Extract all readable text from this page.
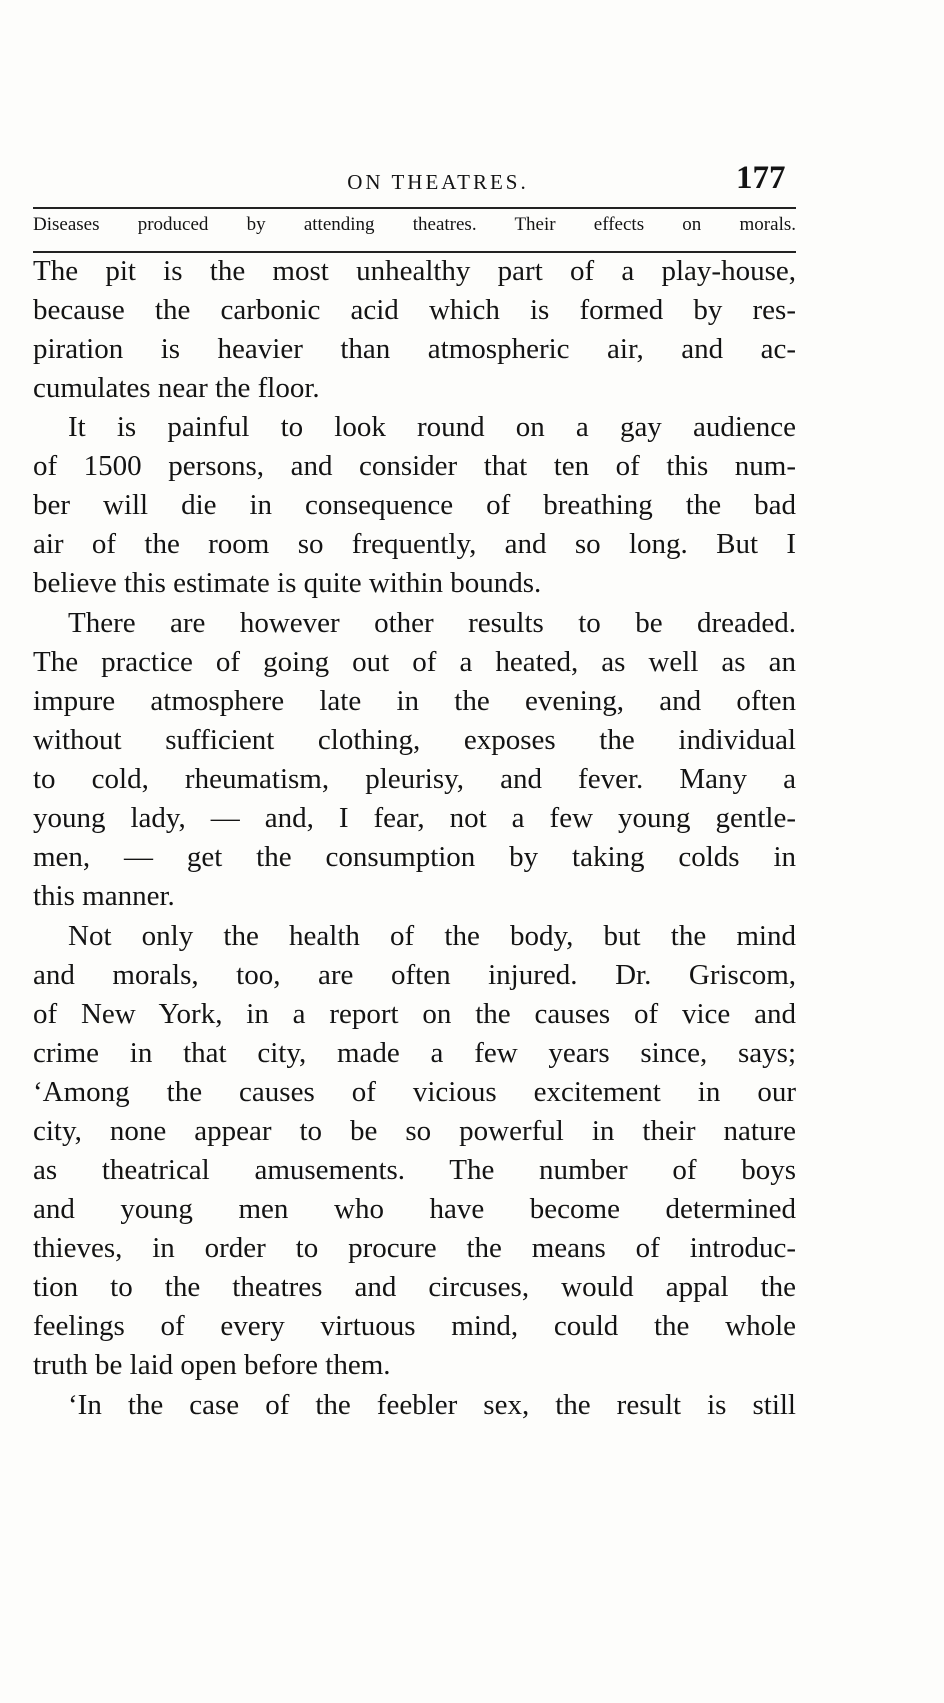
ON THEATRES.	177
Diseases produced by attending theatres. Their effects on morals.
The pit is the most unhealthy part of a play-house,
because the carbonic acid which is formed by res-
piration is heavier than atmospheric air, and ac-
cumulates near the floor.
It is painful to look round on a gay audience
of 1500 persons, and consider that ten of this num-
ber will die in consequence of breathing the bad
air of the room so frequently, and so long. But I
believe this estimate is quite within bounds.
There are however other results to be dreaded.
The practice of going out of a heated, as well as an
impure atmosphere late in the evening, and often
without sufficient clothing, exposes the individual
to cold, rheumatism, pleurisy, and fever. Many a
young lady, — and, I fear, not a few young gentle-
men, — get the consumption by taking colds in
this manner.
Not only the health of the body, but the mind
and morals, too, are often injured. Dr. Griscom,
of New York, in a report on the causes of vice and
crime in that city, made a few years since, says;
‘Among the causes of vicious excitement in our
city, none appear to be so powerful in their nature
as theatrical amusements. The number of boys
and young men who have become determined
thieves, in order to procure the means of introduc-
tion to the theatres and circuses, would appal the
feelings of every virtuous mind, could the whole
truth be laid open before them.
‘In the case of the feebler sex, the result is still
